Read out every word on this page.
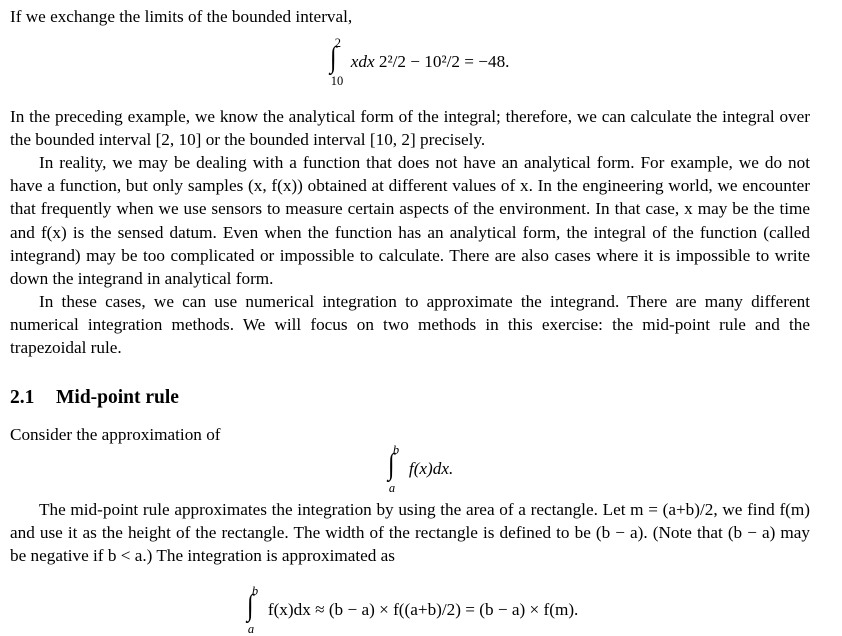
If we exchange the limits of the bounded interval,

∫
2
10
xdx 2²/2 − 10²/2 = −48.

In the preceding example, we know the analytical form of the integral; therefore, we can calculate the integral over the bounded interval [2, 10] or the bounded interval [10, 2] precisely.

In reality, we may be dealing with a function that does not have an analytical form. For example, we do not have a function, but only samples (x, f(x)) obtained at different values of x. In the engineering world, we encounter that frequently when we use sensors to measure certain aspects of the environment. In that case, x may be the time and f(x) is the sensed datum. Even when the function has an analytical form, the integral of the function (called integrand) may be too complicated or impossible to calculate. There are also cases where it is impossible to write down the integrand in analytical form.

In these cases, we can use numerical integration to approximate the integrand. There are many different numerical integration methods. We will focus on two methods in this exercise: the mid-point rule and the trapezoidal rule.

2.1 Mid-point rule

Consider the approximation of

∫
b
a
f(x)dx.

The mid-point rule approximates the integration by using the area of a rectangle. Let m = (a+b)/2, we find f(m) and use it as the height of the rectangle. The width of the rectangle is defined to be (b − a). (Note that (b − a) may be negative if b < a.) The integration is approximated as

∫
b
a
f(x)dx ≈ (b − a) × f((a+b)/2) = (b − a) × f(m).
